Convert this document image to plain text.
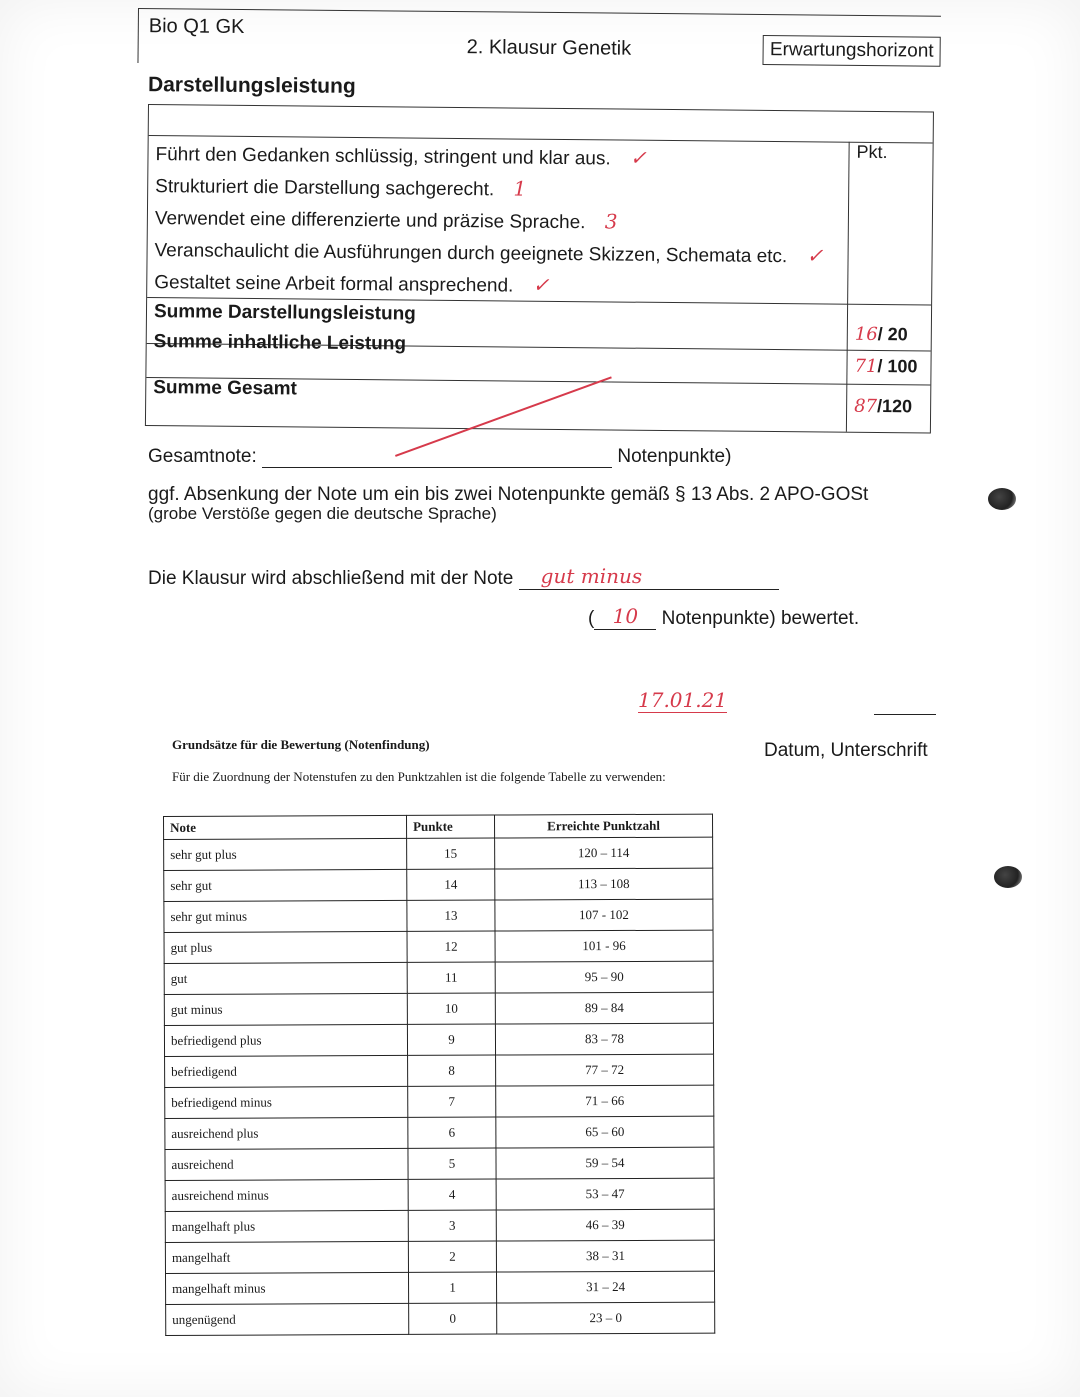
Bio Q1 GK
2. Klausur Genetik	Erwartungshorizont
Darstellungsleistung
Pkt.
Führt den Gedanken schlüssig, stringent und klar aus. ✓
Strukturiert die Darstellung sachgerecht. 1
Verwendet eine differenzierte und präzise Sprache. 3
Veranschaulicht die Ausführungen durch geeignete Skizzen, Schemata etc. ✓
Gestaltet seine Arbeit formal ansprechend. ✓
Summe Darstellungsleistung
16/ 20
Summe inhaltliche Leistung
71/ 100
Summe Gesamt
87/120
Gesamtnote:	Notenpunkte)
ggf. Absenkung der Note um ein bis zwei Notenpunkte gemäß § 13 Abs. 2 APO-GOSt
(grobe Verstöße gegen die deutsche Sprache)
Die Klausur wird abschließend mit der Note gut minus
( 10 Notenpunkte) bewertet.
17.01.21
Datum, Unterschrift
Grundsätze für die Bewertung (Notenfindung)
Für die Zuordnung der Notenstufen zu den Punktzahlen ist die folgende Tabelle zu verwenden:
Note	Punkte	Erreichte Punktzahl
sehr gut plus	15	120 – 114
sehr gut	14	113 – 108
sehr gut minus	13	107 - 102
gut plus	12	101 - 96
gut	11	95 – 90
gut minus	10	89 – 84
befriedigend plus	9	83 – 78
befriedigend	8	77 – 72
befriedigend minus	7	71 – 66
ausreichend plus	6	65 – 60
ausreichend	5	59 – 54
ausreichend minus	4	53 – 47
mangelhaft plus	3	46 – 39
mangelhaft	2	38 – 31
mangelhaft minus	1	31 – 24
ungenügend	0	23 – 0
